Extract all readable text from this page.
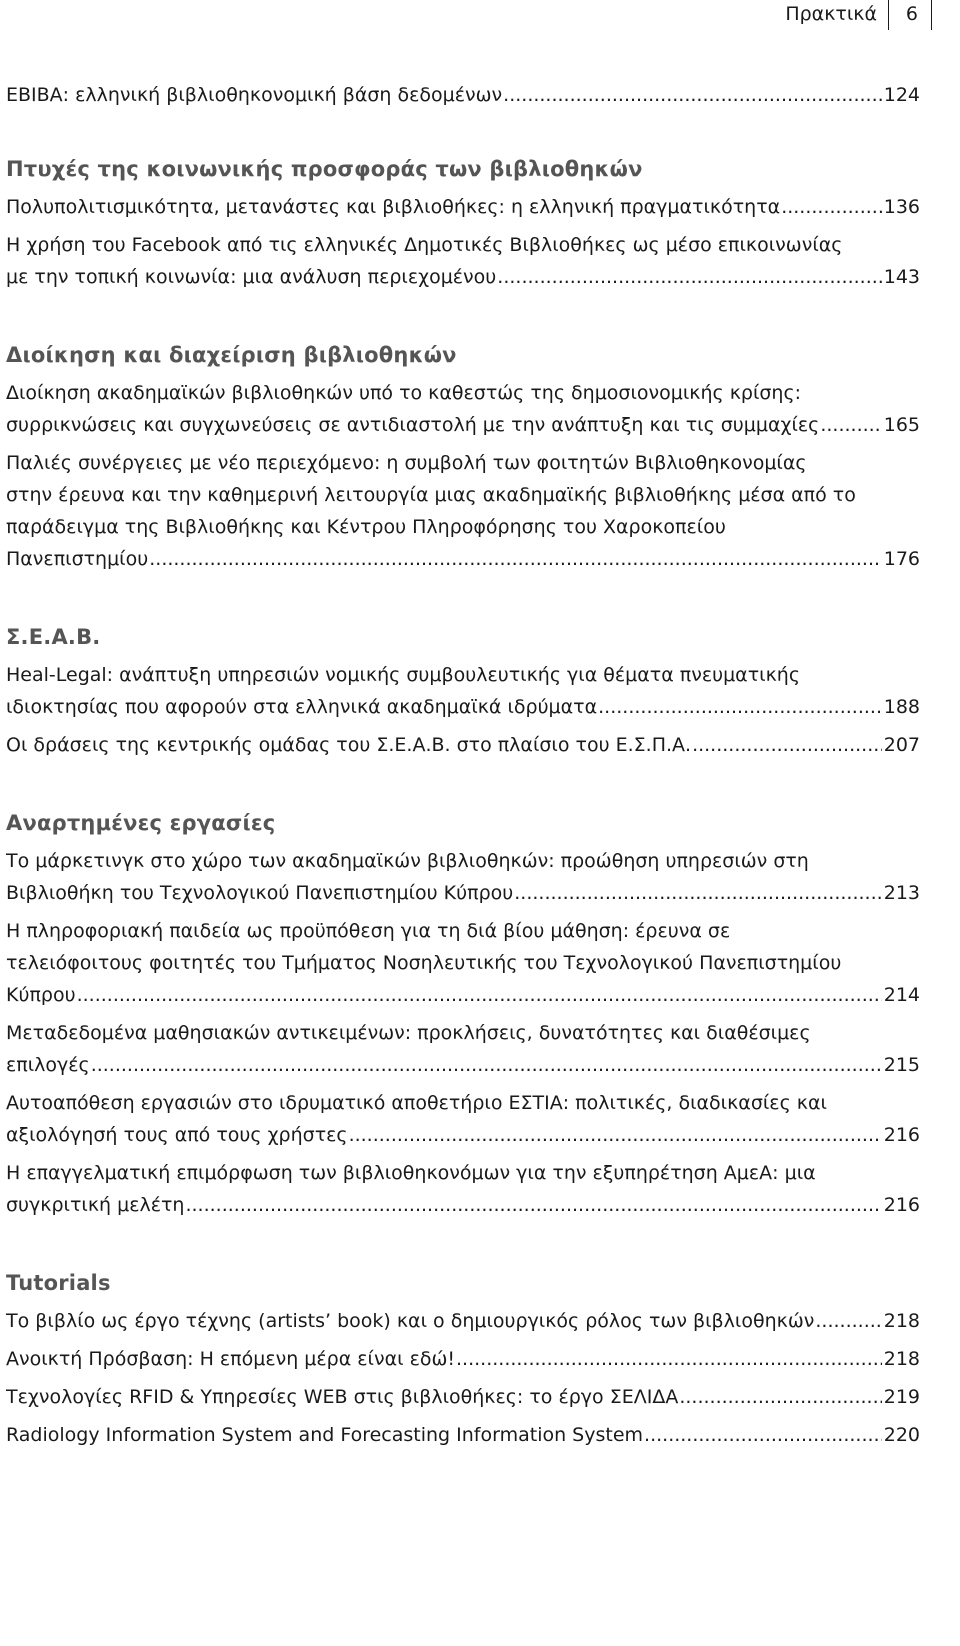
Πρακτικά 6
ΕΒΙΒΑ: ελληνική βιβλιοθηκονομική βάση δεδομένων .....	124
Πτυχές της κοινωνικής προσφοράς των βιβλιοθηκών
Πολυπολιτισμικότητα, μετανάστες και βιβλιοθήκες: η ελληνική πραγματικότητα .....	136
Η χρήση του Facebook από τις ελληνικές Δημοτικές Βιβλιοθήκες ως μέσο επικοινωνίας
με την τοπική κοινωνία: μια ανάλυση περιεχομένου .....	143
Διοίκηση και διαχείριση βιβλιοθηκών
Διοίκηση ακαδημαϊκών βιβλιοθηκών υπό το καθεστώς της δημοσιονομικής κρίσης:
συρρικνώσεις και συγχωνεύσεις σε αντιδιαστολή με την ανάπτυξη και τις συμμαχίες .....	165
Παλιές συνέργειες με νέο περιεχόμενο: η συμβολή των φοιτητών Βιβλιοθηκονομίας
στην έρευνα και την καθημερινή λειτουργία μιας ακαδημαϊκής βιβλιοθήκης μέσα από το
παράδειγμα της Βιβλιοθήκης και Κέντρου Πληροφόρησης του Χαροκοπείου
Πανεπιστημίου .....	176
Σ.Ε.Α.Β.
Heal-Legal: ανάπτυξη υπηρεσιών νομικής συμβουλευτικής για θέματα πνευματικής
ιδιοκτησίας που αφορούν στα ελληνικά ακαδημαϊκά ιδρύματα .....	188
Οι δράσεις της κεντρικής ομάδας του Σ.Ε.Α.Β. στο πλαίσιο του Ε.Σ.Π.Α. .....	207
Αναρτημένες εργασίες
Το μάρκετινγκ στο χώρο των ακαδημαϊκών βιβλιοθηκών: προώθηση υπηρεσιών στη
Βιβλιοθήκη του Τεχνολογικού Πανεπιστημίου Κύπρου .....	213
Η πληροφοριακή παιδεία ως προϋπόθεση για τη διά βίου μάθηση: έρευνα σε
τελειόφοιτους φοιτητές του Τμήματος Νοσηλευτικής του Τεχνολογικού Πανεπιστημίου
Κύπρου .....	214
Μεταδεδομένα μαθησιακών αντικειμένων: προκλήσεις, δυνατότητες και διαθέσιμες
επιλογές .....	215
Αυτοαπόθεση εργασιών στο ιδρυματικό αποθετήριο ΕΣΤΙΑ: πολιτικές, διαδικασίες και
αξιολόγησή τους από τους χρήστες .....	216
Η επαγγελματική επιμόρφωση των βιβλιοθηκονόμων για την εξυπηρέτηση ΑμεΑ: μια
συγκριτική μελέτη .....	216
Tutorials
Το βιβλίο ως έργο τέχνης (artists’ book) και ο δημιουργικός ρόλος των βιβλιοθηκών .....	218
Ανοικτή Πρόσβαση: Η επόμενη μέρα είναι εδώ! .....	218
Τεχνολογίες RFID & Υπηρεσίες WEB στις βιβλιοθήκες: το έργο ΣΕΛΙΔΑ .....	219
Radiology Information System and Forecasting Information System .....	220
